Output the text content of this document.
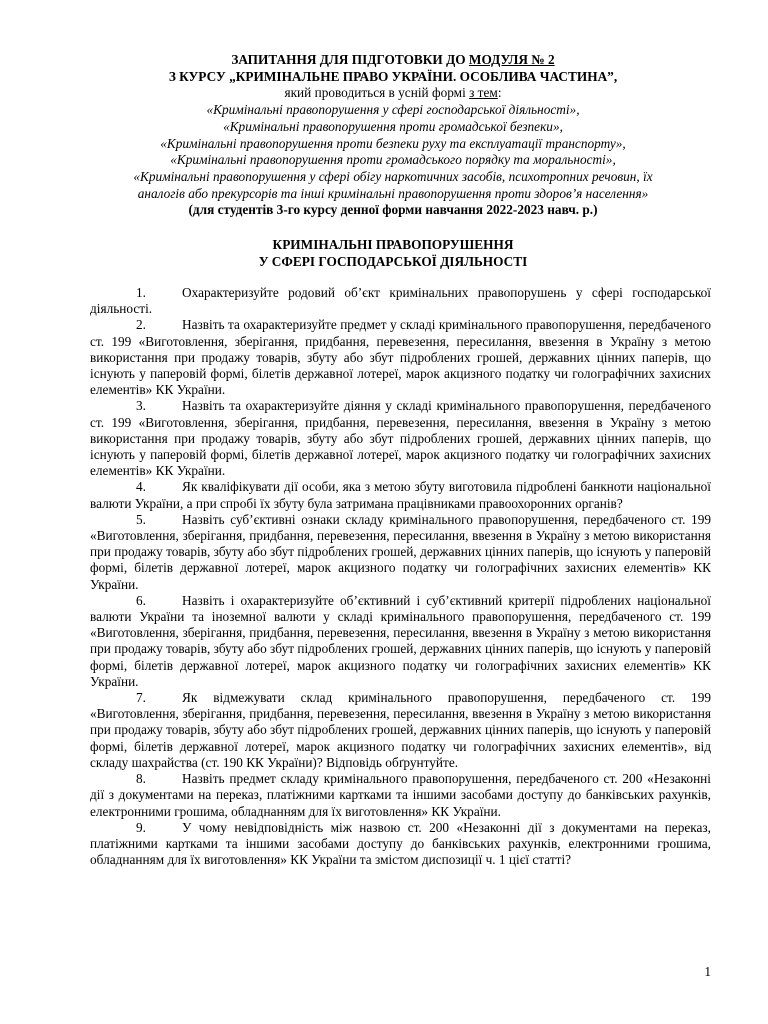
ЗАПИТАННЯ ДЛЯ ПІДГОТОВКИ ДО МОДУЛЯ № 2
З КУРСУ „КРИМІНАЛЬНЕ ПРАВО УКРАЇНИ. ОСОБЛИВА ЧАСТИНА”,
який проводиться в усній формі з тем:
«Кримінальні правопорушення у сфері господарської діяльності»,
«Кримінальні правопорушення проти громадської безпеки»,
«Кримінальні правопорушення проти безпеки руху та експлуатації транспорту»,
«Кримінальні правопорушення проти громадського порядку та моральності»,
«Кримінальні правопорушення у сфері обігу наркотичних засобів, психотропних речовин, їх
аналогів або прекурсорів та інші кримінальні правопорушення проти здоров’я населення»
(для студентів 3-го курсу денної форми навчання 2022-2023 навч. р.)
КРИМІНАЛЬНІ ПРАВОПОРУШЕННЯ
У СФЕРІ ГОСПОДАРСЬКОЇ ДІЯЛЬНОСТІ

1.	Охарактеризуйте родовий об’єкт кримінальних правопорушень у сфері господарської діяльності.

2.	Назвіть та охарактеризуйте предмет у складі кримінального правопорушення, передбаченого ст. 199 «Виготовлення, зберігання, придбання, перевезення, пересилання, ввезення в Україну з метою використання при продажу товарів, збуту або збут підроблених грошей, державних цінних паперів, що існують у паперовій формі, білетів державної лотереї, марок акцизного податку чи голографічних захисних елементів» КК України.

3.	Назвіть та охарактеризуйте діяння у складі кримінального правопорушення, передбаченого ст. 199 «Виготовлення, зберігання, придбання, перевезення, пересилання, ввезення в Україну з метою використання при продажу товарів, збуту або збут підроблених грошей, державних цінних паперів, що існують у паперовій формі, білетів державної лотереї, марок акцизного податку чи голографічних захисних елементів» КК України.

4.	Як кваліфікувати дії особи, яка з метою збуту виготовила підроблені банкноти національної валюти України, а при спробі їх збуту була затримана працівниками правоохоронних органів?

5.	Назвіть суб’єктивні ознаки складу кримінального правопорушення, передбаченого ст. 199 «Виготовлення, зберігання, придбання, перевезення, пересилання, ввезення в Україну з метою використання при продажу товарів, збуту або збут підроблених грошей, державних цінних паперів, що існують у паперовій формі, білетів державної лотереї, марок акцизного податку чи голографічних захисних елементів» КК України.

6.	Назвіть і охарактеризуйте об’єктивний і суб’єктивний критерії підроблених національної валюти України та іноземної валюти у складі кримінального правопорушення, передбаченого ст. 199 «Виготовлення, зберігання, придбання, перевезення, пересилання, ввезення в Україну з метою використання при продажу товарів, збуту або збут підроблених грошей, державних цінних паперів, що існують у паперовій формі, білетів державної лотереї, марок акцизного податку чи голографічних захисних елементів» КК України.

7.	Як відмежувати склад кримінального правопорушення, передбаченого ст. 199 «Виготовлення, зберігання, придбання, перевезення, пересилання, ввезення в Україну з метою використання при продажу товарів, збуту або збут підроблених грошей, державних цінних паперів, що існують у паперовій формі, білетів державної лотереї, марок акцизного податку чи голографічних захисних елементів», від складу шахрайства (ст. 190 КК України)? Відповідь обґрунтуйте.

8.	Назвіть предмет складу кримінального правопорушення, передбаченого ст. 200 «Незаконні дії з документами на переказ, платіжними картками та іншими засобами доступу до банківських рахунків, електронними грошима, обладнанням для їх виготовлення» КК України.

9.	У чому невідповідність між назвою ст. 200 «Незаконні дії з документами на переказ, платіжними картками та іншими засобами доступу до банківських рахунків, електронними грошима, обладнанням для їх виготовлення» КК України та змістом диспозиції ч. 1 цієї статті?

1
